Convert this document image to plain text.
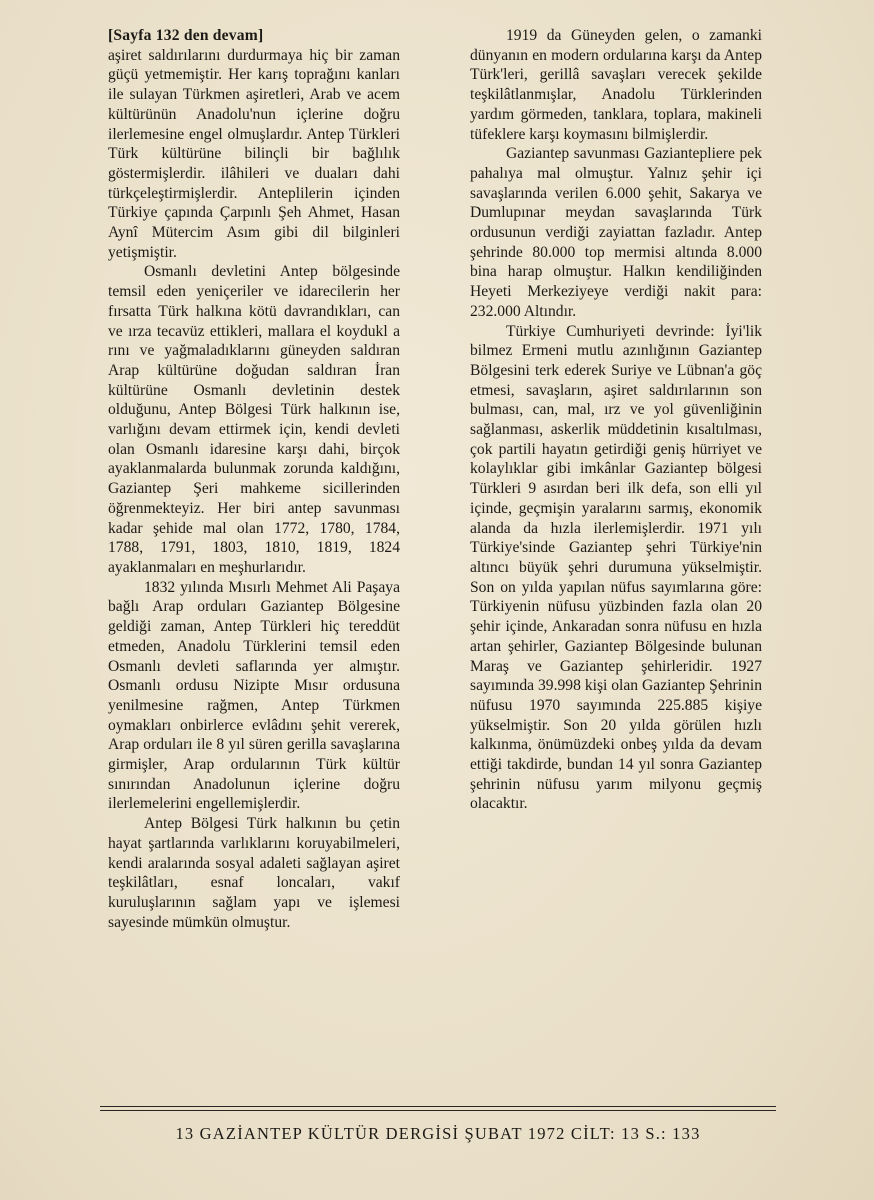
[Sayfa 132 den devam]

aşiret saldırılarını durdurmaya hiç bir zaman güçü yetmemiştir. Her karış toprağını kanları ile sulayan Türkmen aşiretleri, Arab ve acem kültürünün Anadolu'nun içlerine doğru ilerlemesine engel olmuşlardır. Antep Türkleri Türk kültürüne bilinçli bir bağlılık göstermişlerdir. ilâhileri ve duaları dahi türkçeleştirmişlerdir. Anteplilerin içinden Türkiye çapında Çarpınlı Şeh Ahmet, Hasan Aynî Mütercim Asım gibi dil bilginleri yetişmiştir.

Osmanlı devletini Antep bölgesinde temsil eden yeniçeriler ve idarecilerin her fırsatta Türk halkına kötü davrandıkları, can ve ırza tecavüz ettikleri, mallara el koydukl a rını ve yağmaladıklarını güneyden saldıran Arap kültürüne doğudan saldıran İran kültürüne Osmanlı devletinin destek olduğunu, Antep Bölgesi Türk halkının ise, varlığını devam ettirmek için, kendi devleti olan Osmanlı idaresine karşı dahi, birçok ayaklanmalarda bulunmak zorunda kaldığını, Gaziantep Şeri mahkeme sicillerinden öğrenmekteyiz. Her biri antep savunması kadar şehide mal olan 1772, 1780, 1784, 1788, 1791, 1803, 1810, 1819, 1824 ayaklanmaları en meşhurlarıdır.

1832 yılında Mısırlı Mehmet Ali Paşaya bağlı Arap orduları Gaziantep Bölgesine geldiği zaman, Antep Türkleri hiç tereddüt etmeden, Anadolu Türklerini temsil eden Osmanlı devleti saflarında yer almıştır. Osmanlı ordusu Nizipte Mısır ordusuna yenilmesine rağmen, Antep Türkmen oymakları onbirlerce evlâdını şehit vererek, Arap orduları ile 8 yıl süren gerilla savaşlarına girmişler, Arap ordularının Türk kültür sınırından Anadolunun içlerine doğru ilerlemelerini engellemişlerdir.

Antep Bölgesi Türk halkının bu çetin hayat şartlarında varlıklarını koruyabilmeleri, kendi aralarında sosyal adaleti sağlayan aşiret teşkilâtları, esnaf loncaları, vakıf kuruluşlarının sağlam yapı ve işlemesi sayesinde mümkün olmuştur.

1919 da Güneyden gelen, o zamanki dünyanın en modern ordularına karşı da Antep Türk'leri, gerillâ savaşları verecek şekilde teşkilâtlanmışlar, Anadolu Türklerinden yardım görmeden, tanklara, toplara, makineli tüfeklere karşı koymasını bilmişlerdir.

Gaziantep savunması Gaziantepliere pek pahalıya mal olmuştur. Yalnız şehir içi savaşlarında verilen 6.000 şehit, Sakarya ve Dumlupınar meydan savaşlarında Türk ordusunun verdiği zayiattan fazladır. Antep şehrinde 80.000 top mermisi altında 8.000 bina harap olmuştur. Halkın kendiliğinden Heyeti Merkeziyeye verdiği nakit para: 232.000 Altındır.

Türkiye Cumhuriyeti devrinde: İyi'lik bilmez Ermeni mutlu azınlığının Gaziantep Bölgesini terk ederek Suriye ve Lübnan'a göç etmesi, savaşların, aşiret saldırılarının son bulması, can, mal, ırz ve yol güvenliğinin sağlanması, askerlik müddetinin kısaltılması, çok partili hayatın getirdiği geniş hürriyet ve kolaylıklar gibi imkânlar Gaziantep bölgesi Türkleri 9 asırdan beri ilk defa, son elli yıl içinde, geçmişin yaralarını sarmış, ekonomik alanda da hızla ilerlemişlerdir. 1971 yılı Türkiye'sinde Gaziantep şehri Türkiye'nin altıncı büyük şehri durumuna yükselmiştir. Son on yılda yapılan nüfus sayımlarına göre: Türkiyenin nüfusu yüzbinden fazla olan 20 şehir içinde, Ankaradan sonra nüfusu en hızla artan şehirler, Gaziantep Bölgesinde bulunan Maraş ve Gaziantep şehirleridir. 1927 sayımında 39.998 kişi olan Gaziantep Şehrinin nüfusu 1970 sayımında 225.885 kişiye yükselmiştir. Son 20 yılda görülen hızlı kalkınma, önümüzdeki onbeş yılda da devam ettiği takdirde, bundan 14 yıl sonra Gaziantep şehrinin nüfusu yarım milyonu geçmiş olacaktır.

13 GAZİANTEP KÜLTÜR DERGİSİ ŞUBAT 1972 CİLT: 13 S.: 133
